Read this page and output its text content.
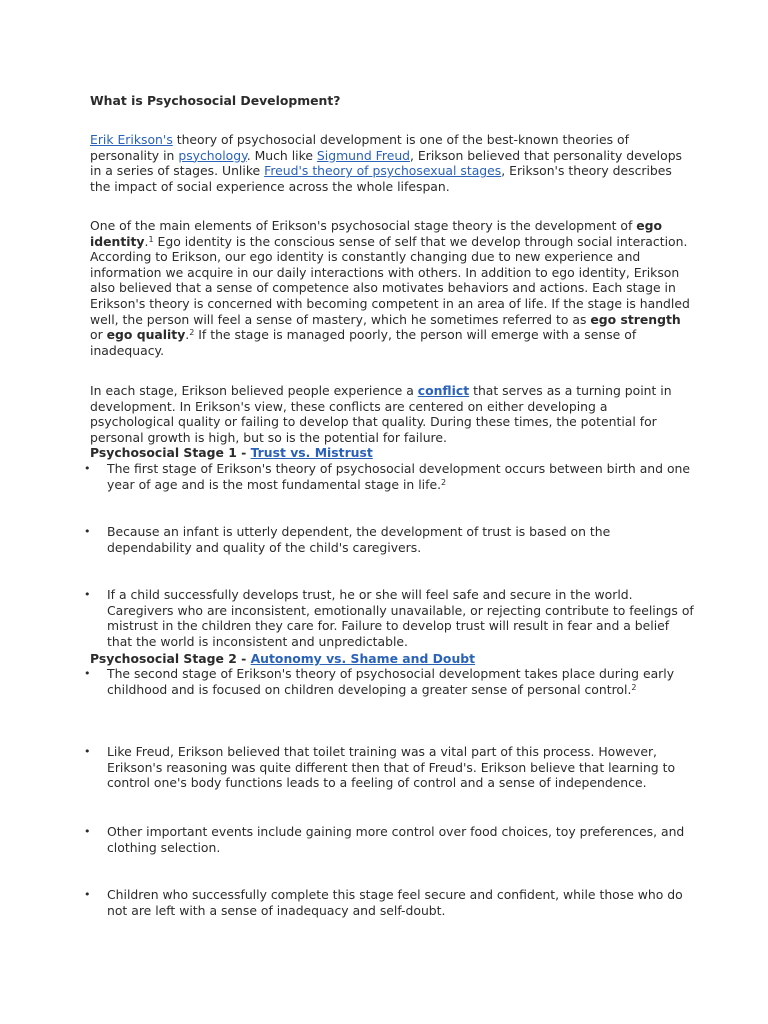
What is Psychosocial Development?

Erik Erikson's theory of psychosocial development is one of the best-known theories of personality in psychology. Much like Sigmund Freud, Erikson believed that personality develops in a series of stages. Unlike Freud's theory of psychosexual stages, Erikson's theory describes the impact of social experience across the whole lifespan.

One of the main elements of Erikson's psychosocial stage theory is the development of ego identity.$^1$ Ego identity is the conscious sense of self that we develop through social interaction. According to Erikson, our ego identity is constantly changing due to new experience and information we acquire in our daily interactions with others. In addition to ego identity, Erikson also believed that a sense of competence also motivates behaviors and actions. Each stage in Erikson's theory is concerned with becoming competent in an area of life. If the stage is handled well, the person will feel a sense of mastery, which he sometimes referred to as ego strength or ego quality.$^2$ If the stage is managed poorly, the person will emerge with a sense of inadequacy.

In each stage, Erikson believed people experience a conflict that serves as a turning point in development. In Erikson's view, these conflicts are centered on either developing a psychological quality or failing to develop that quality. During these times, the potential for personal growth is high, but so is the potential for failure.

Psychosocial Stage 1 - Trust vs. Mistrust
•	The first stage of Erikson's theory of psychosocial development occurs between birth and one year of age and is the most fundamental stage in life.$^2$
•	Because an infant is utterly dependent, the development of trust is based on the dependability and quality of the child's caregivers.
•	If a child successfully develops trust, he or she will feel safe and secure in the world. Caregivers who are inconsistent, emotionally unavailable, or rejecting contribute to feelings of mistrust in the children they care for. Failure to develop trust will result in fear and a belief that the world is inconsistent and unpredictable.
Psychosocial Stage 2 - Autonomy vs. Shame and Doubt
•	The second stage of Erikson's theory of psychosocial development takes place during early childhood and is focused on children developing a greater sense of personal control.$^2$
•	Like Freud, Erikson believed that toilet training was a vital part of this process. However, Erikson's reasoning was quite different then that of Freud's. Erikson believe that learning to control one's body functions leads to a feeling of control and a sense of independence.
•	Other important events include gaining more control over food choices, toy preferences, and clothing selection.
•	Children who successfully complete this stage feel secure and confident, while those who do not are left with a sense of inadequacy and self-doubt.
